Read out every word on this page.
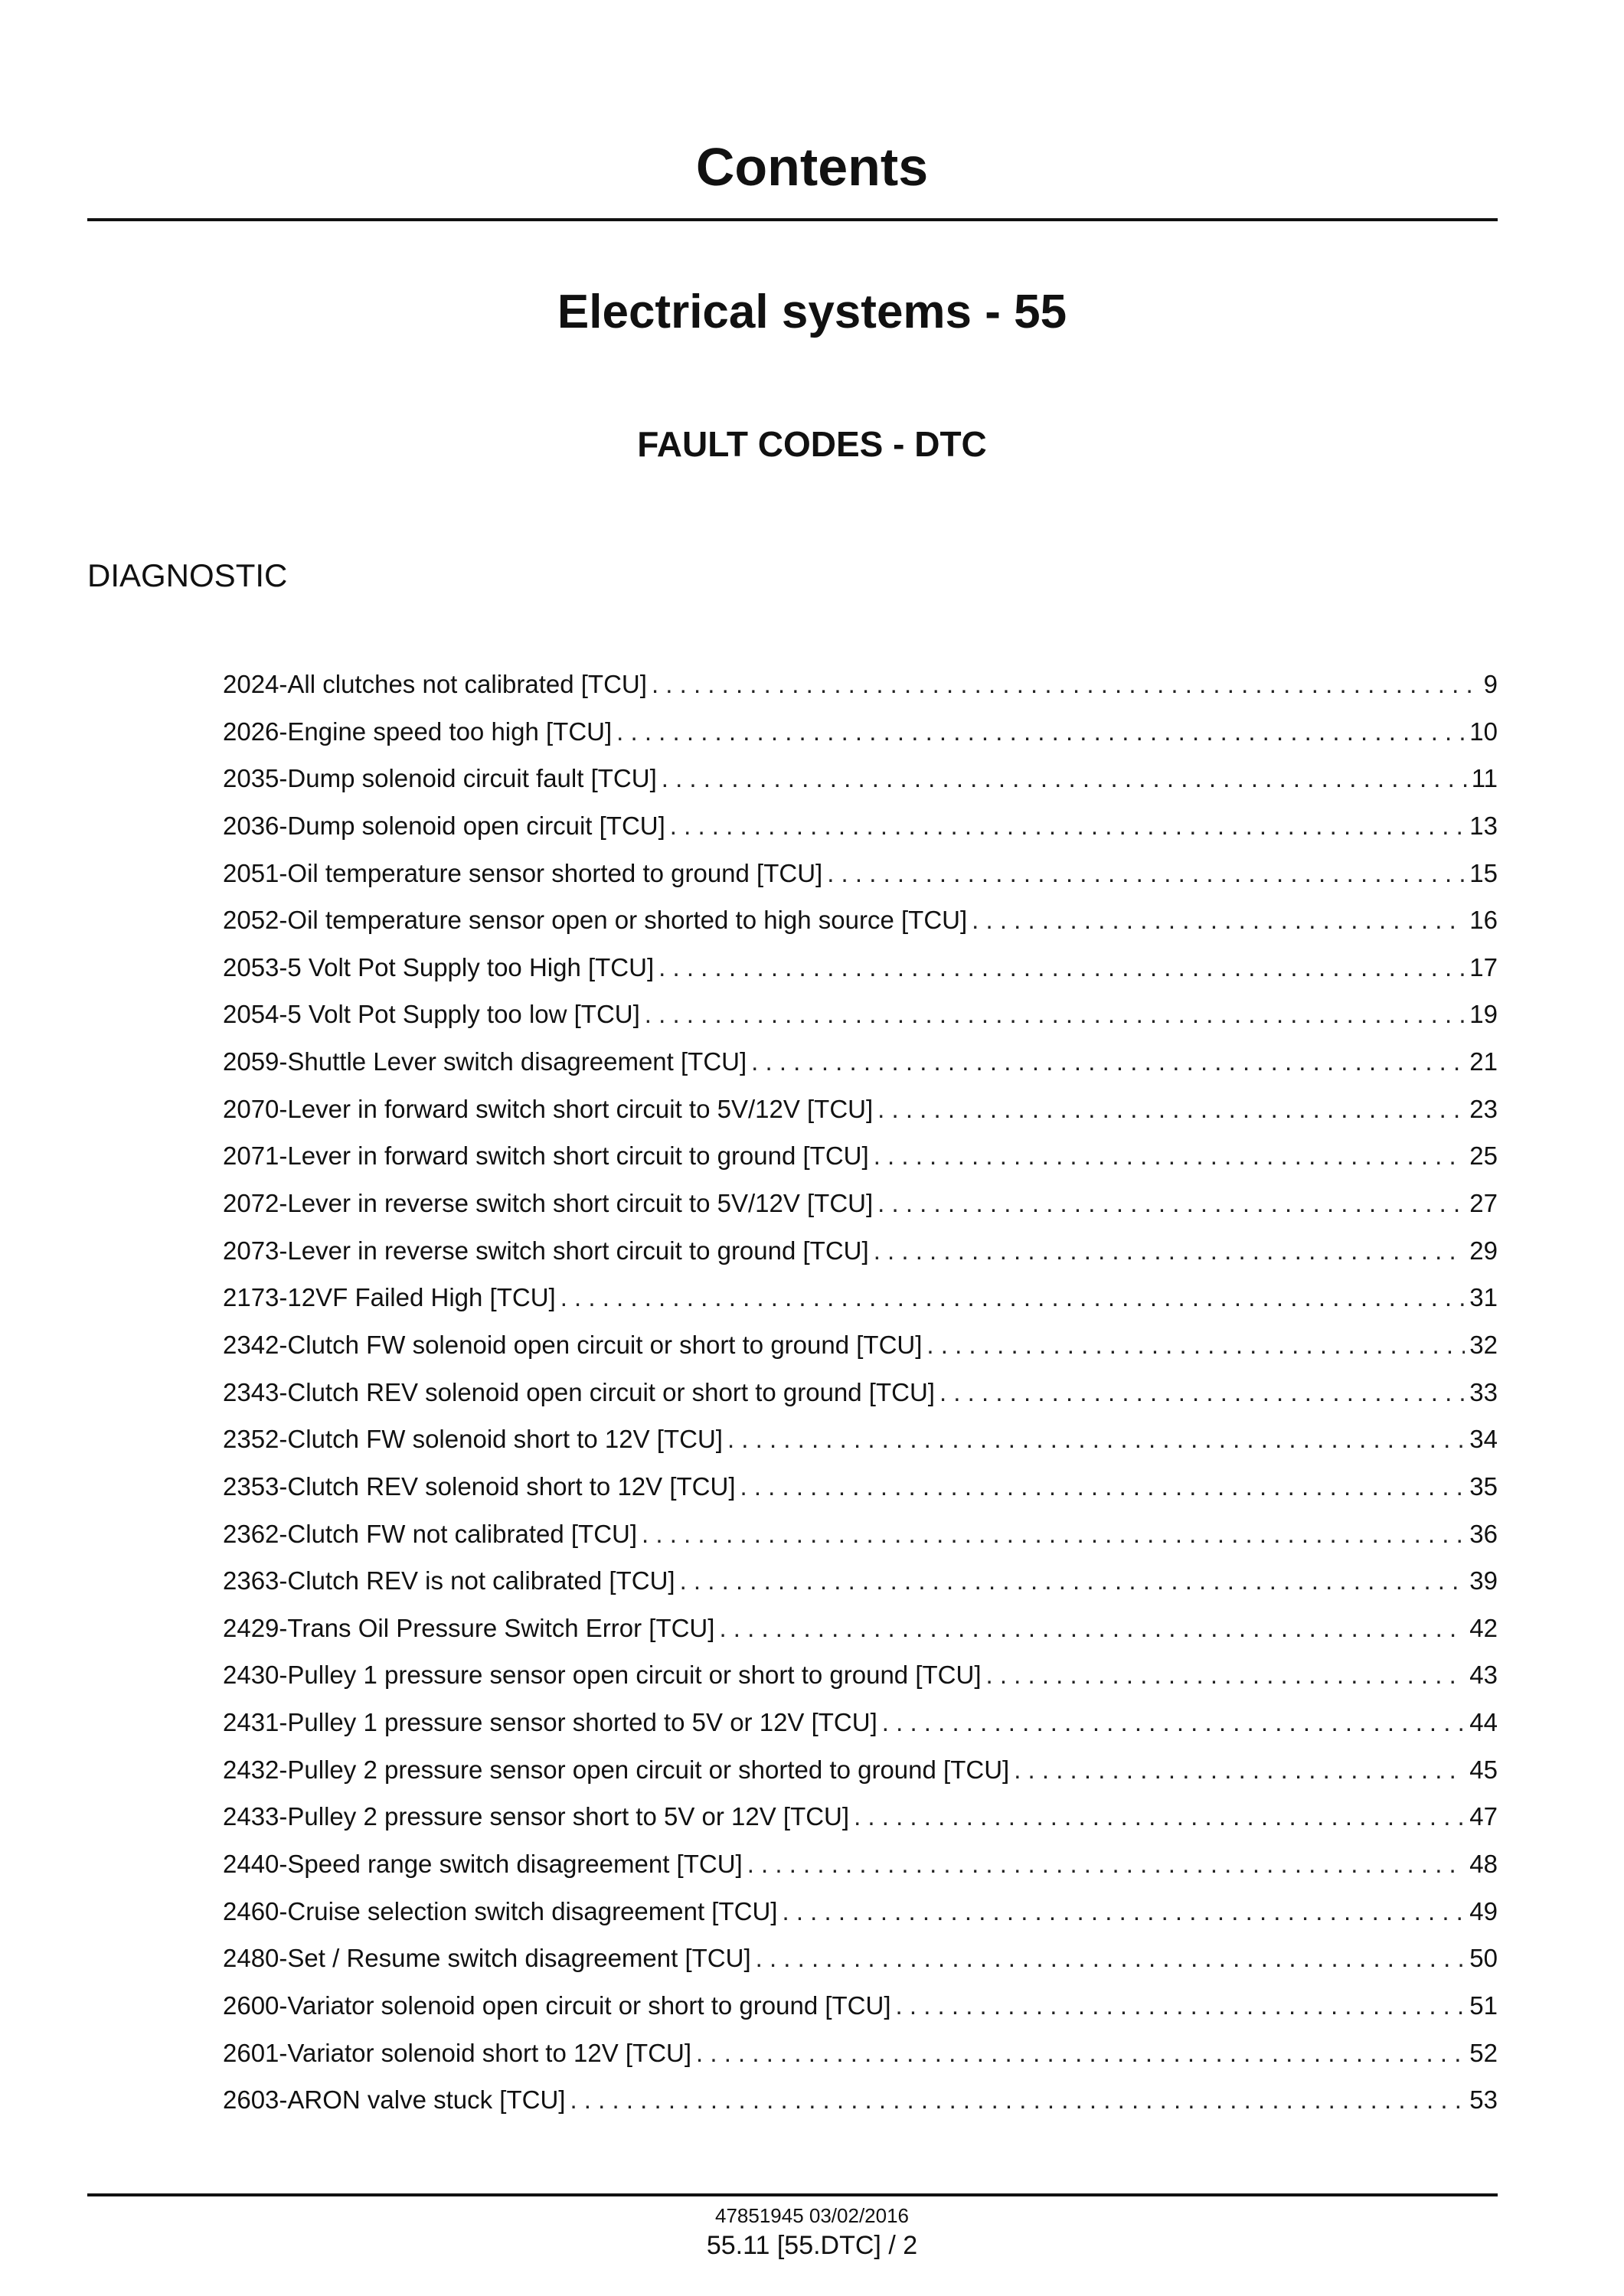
Contents
Electrical systems - 55
FAULT CODES - DTC
DIAGNOSTIC
2024-All clutches not calibrated [TCU] . . .	9
2026-Engine speed too high [TCU] . . .	10
2035-Dump solenoid circuit fault [TCU] . . .	11
2036-Dump solenoid open circuit [TCU] . . .	13
2051-Oil temperature sensor shorted to ground [TCU] . . .	15
2052-Oil temperature sensor open or shorted to high source [TCU] . . .	16
2053-5 Volt Pot Supply too High [TCU] . . .	17
2054-5 Volt Pot Supply too low [TCU] . . .	19
2059-Shuttle Lever switch disagreement [TCU] . . .	21
2070-Lever in forward switch short circuit to 5V/12V [TCU] . . .	23
2071-Lever in forward switch short circuit to ground [TCU] . . .	25
2072-Lever in reverse switch short circuit to 5V/12V [TCU] . . .	27
2073-Lever in reverse switch short circuit to ground [TCU] . . .	29
2173-12VF Failed High [TCU] . . .	31
2342-Clutch FW solenoid open circuit or short to ground [TCU] . . .	32
2343-Clutch REV solenoid open circuit or short to ground [TCU] . . .	33
2352-Clutch FW solenoid short to 12V [TCU] . . .	34
2353-Clutch REV solenoid short to 12V [TCU] . . .	35
2362-Clutch FW not calibrated [TCU] . . .	36
2363-Clutch REV is not calibrated [TCU] . . .	39
2429-Trans Oil Pressure Switch Error [TCU] . . .	42
2430-Pulley 1 pressure sensor open circuit or short to ground [TCU] . . .	43
2431-Pulley 1 pressure sensor shorted to 5V or 12V [TCU] . . .	44
2432-Pulley 2 pressure sensor open circuit or shorted to ground [TCU] . . .	45
2433-Pulley 2 pressure sensor short to 5V or 12V [TCU] . . .	47
2440-Speed range switch disagreement [TCU] . . .	48
2460-Cruise selection switch disagreement [TCU] . . .	49
2480-Set / Resume switch disagreement [TCU] . . .	50
2600-Variator solenoid open circuit or short to ground [TCU] . . .	51
2601-Variator solenoid short to 12V [TCU] . . .	52
2603-ARON valve stuck [TCU] . . .	53
47851945 03/02/2016
55.11 [55.DTC] / 2
